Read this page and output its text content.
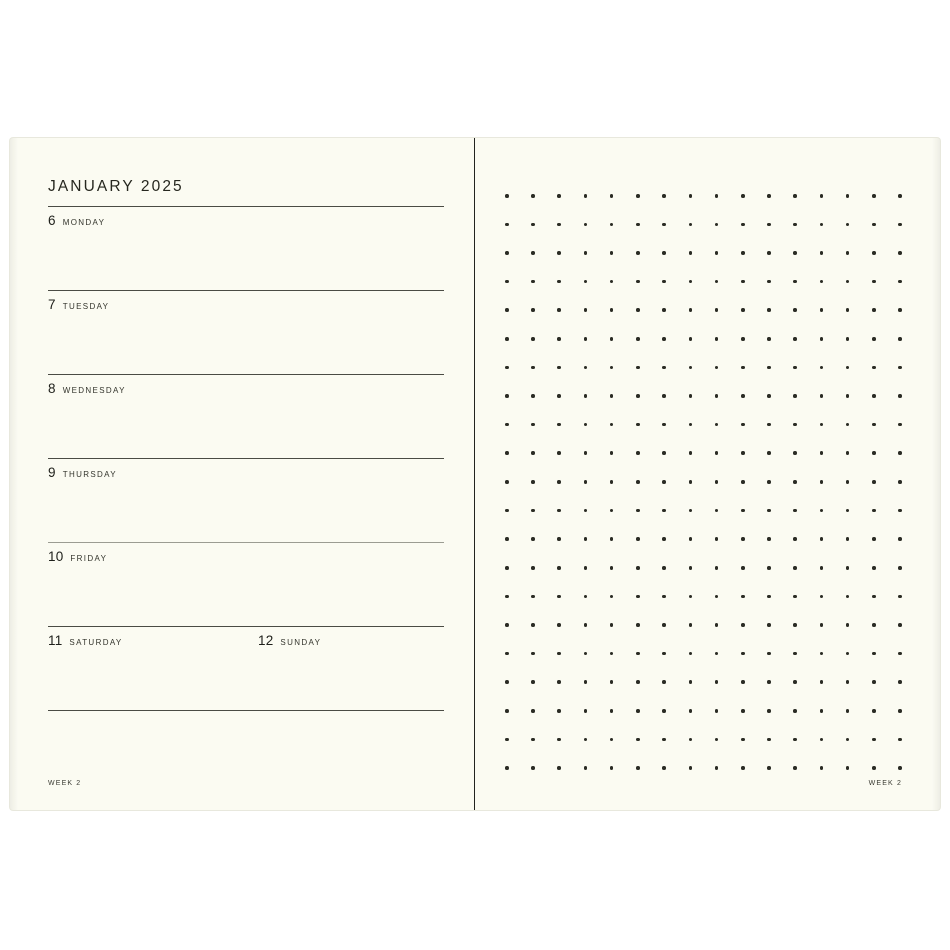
JANUARY 2025
6 MONDAY
7 TUESDAY
8 WEDNESDAY
9 THURSDAY
10 FRIDAY
11 SATURDAY	12 SUNDAY
WEEK 2	WEEK 2
